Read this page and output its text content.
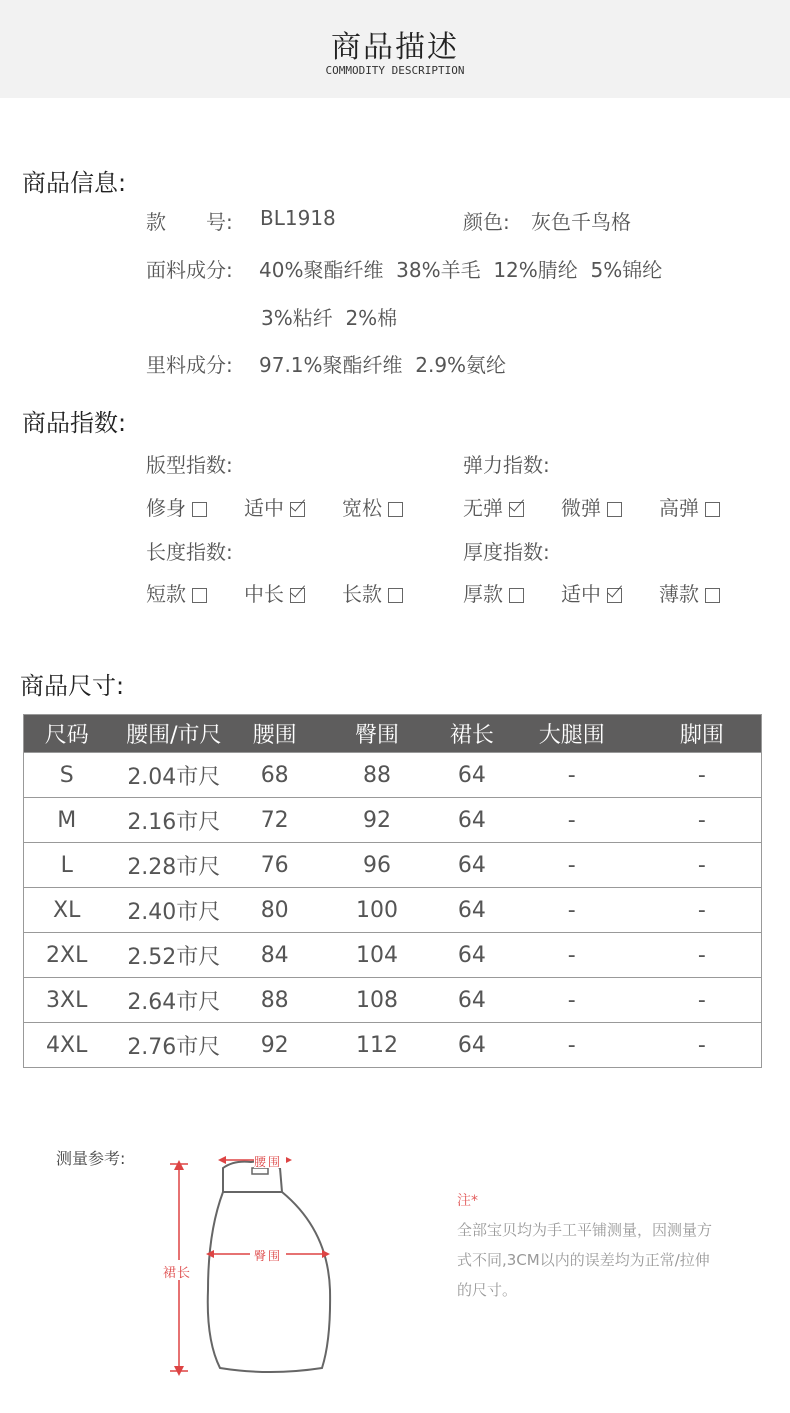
商品描述
COMMODITY DESCRIPTION
商品信息:
款　　号: BL1918	颜色: 灰色千鸟格
面料成分: 40%聚酯纤维  38%羊毛  12%腈纶  5%锦纶
3%粘纤  2%棉
里料成分: 97.1%聚酯纤维  2.9%氨纶
商品指数:
版型指数:
修身	适中	宽松
弹力指数:
无弹	微弹	高弹
长度指数:
短款	中长	长款
厚度指数:
厚款	适中	薄款
商品尺寸:
尺码	腰围/市尺	腰围	臀围	裙长	大腿围	脚围
S	2.04市尺	68	88	64	-	-
M	2.16市尺	72	92	64	-	-
L	2.28市尺	76	96	64	-	-
XL	2.40市尺	80	100	64	-	-
2XL	2.52市尺	84	104	64	-	-
3XL	2.64市尺	88	108	64	-	-
4XL	2.76市尺	92	112	64	-	-
测量参考:	腰围
臀围
裙长
注*
全部宝贝均为手工平铺测量，因测量方
式不同,3CM以内的误差均为正常/拉伸
的尺寸。
